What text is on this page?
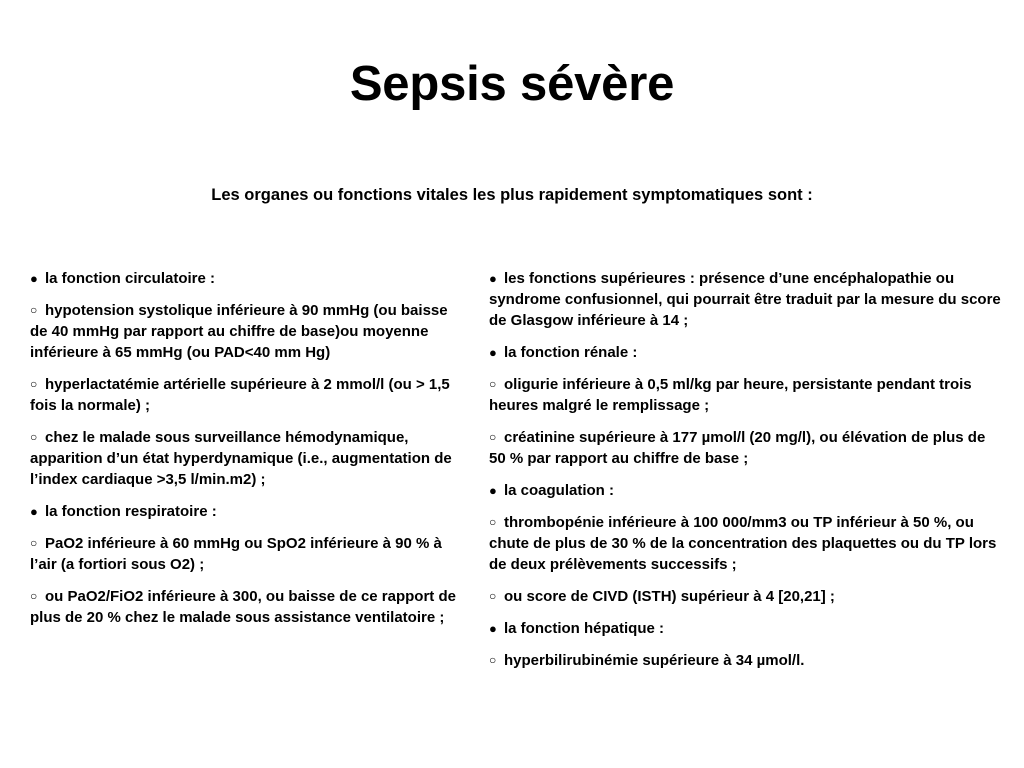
Sepsis sévère
Les organes ou fonctions vitales les plus rapidement symptomatiques sont :
● la fonction circulatoire :
○ hypotension systolique inférieure à 90 mmHg (ou baisse de 40 mmHg par rapport au chiffre de base)ou moyenne inférieure à 65 mmHg (ou PAD<40 mm Hg)
○ hyperlactatémie artérielle supérieure à 2 mmol/l (ou > 1,5 fois la normale) ;
○ chez le malade sous surveillance hémodynamique, apparition d’un état hyperdynamique (i.e., augmentation de l’index cardiaque >3,5 l/min.m2) ;
● la fonction respiratoire :
○ PaO2 inférieure à 60 mmHg ou SpO2 inférieure à 90 % à l’air (a fortiori sous O2) ;
○ ou PaO2/FiO2 inférieure à 300, ou baisse de ce rapport de plus de 20 % chez le malade sous assistance ventilatoire ;
● les fonctions supérieures : présence d’une encéphalopathie ou syndrome confusionnel, qui pourrait être traduit par la mesure du score de Glasgow inférieure à 14 ;
● la fonction rénale :
○ oligurie inférieure à 0,5 ml/kg par heure, persistante pendant trois heures malgré le remplissage ;
○ créatinine supérieure à 177 µmol/l (20 mg/l), ou élévation de plus de 50 % par rapport au chiffre de base ;
● la coagulation :
○ thrombopénie inférieure à 100 000/mm3 ou TP inférieur à 50 %, ou chute de plus de 30 % de la concentration des plaquettes ou du TP lors de deux prélèvements successifs ;
○ ou score de CIVD (ISTH) supérieur à 4 [20,21] ;
● la fonction hépatique :
○ hyperbilirubinémie supérieure à 34 µmol/l.
